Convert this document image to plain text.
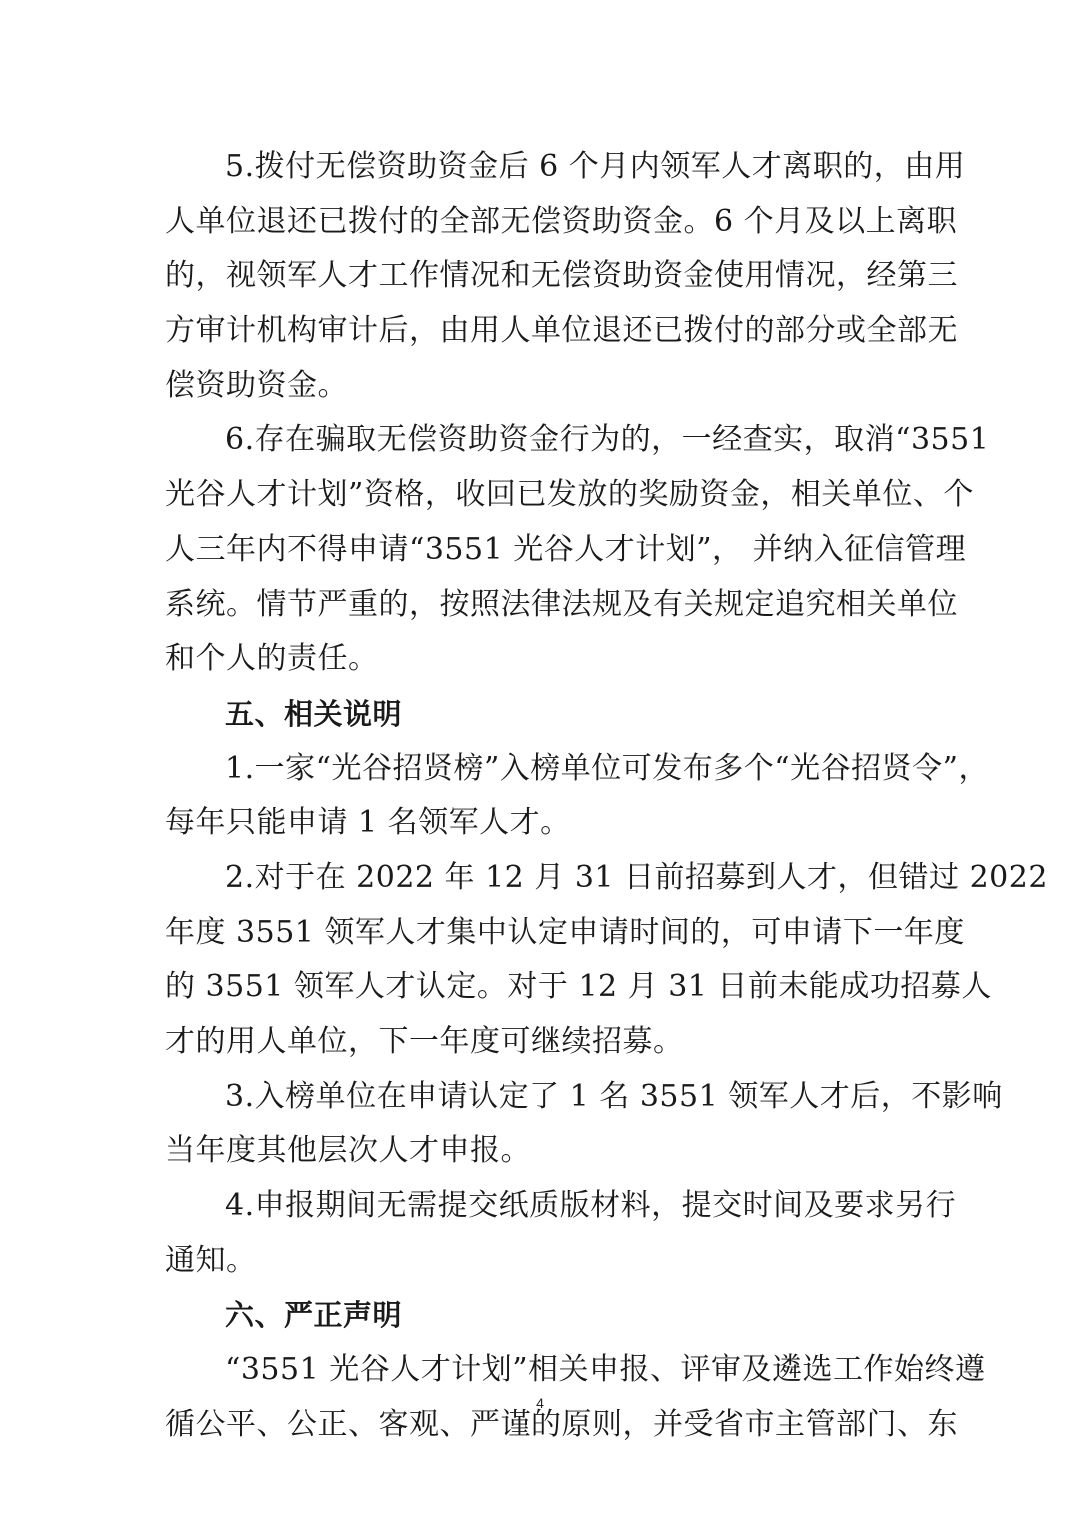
5.拨付无偿资助资金后 6 个月内领军人才离职的，由用
人单位退还已拨付的全部无偿资助资金。6 个月及以上离职
的，视领军人才工作情况和无偿资助资金使用情况，经第三
方审计机构审计后，由用人单位退还已拨付的部分或全部无
偿资助资金。
6.存在骗取无偿资助资金行为的，一经查实，取消“3551
光谷人才计划”资格，收回已发放的奖励资金，相关单位、个
人三年内不得申请“3551 光谷人才计划”， 并纳入征信管理
系统。情节严重的，按照法律法规及有关规定追究相关单位
和个人的责任。
五、相关说明
1.一家“光谷招贤榜”入榜单位可发布多个“光谷招贤令”，
每年只能申请 1 名领军人才。
2.对于在 2022 年 12 月 31 日前招募到人才，但错过 2022
年度 3551 领军人才集中认定申请时间的，可申请下一年度
的 3551 领军人才认定。对于 12 月 31 日前未能成功招募人
才的用人单位，下一年度可继续招募。
3.入榜单位在申请认定了 1 名 3551 领军人才后，不影响
当年度其他层次人才申报。
4.申报期间无需提交纸质版材料，提交时间及要求另行
通知。
六、严正声明
“3551 光谷人才计划”相关申报、评审及遴选工作始终遵
循公平、公正、客观、严谨的原则，并受省市主管部门、东
4
